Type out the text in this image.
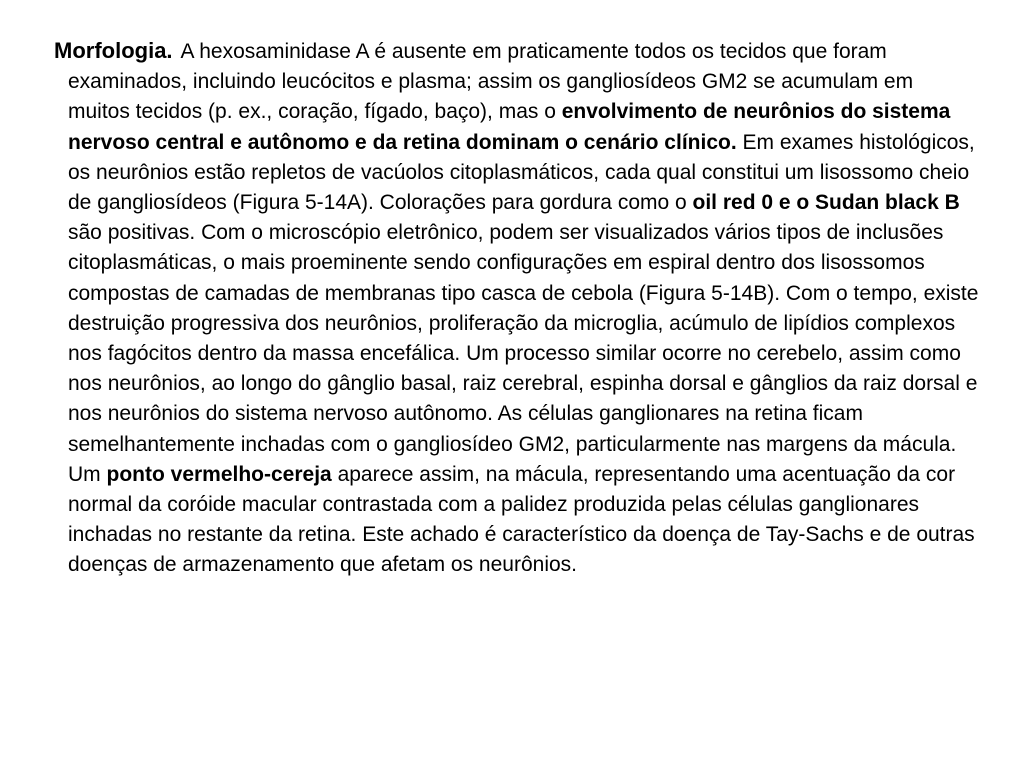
Morfologia. A hexosaminidase A é ausente em praticamente todos os tecidos que foram examinados, incluindo leucócitos e plasma; assim os gangliosídeos GM2 se acumulam em muitos tecidos (p. ex., coração, fígado, baço), mas o envolvimento de neurônios do sistema nervoso central e autônomo e da retina dominam o cenário clínico. Em exames histológicos, os neurônios estão repletos de vacúolos citoplasmáticos, cada qual constitui um lisossomo cheio de gangliosídeos (Figura 5-14A). Colorações para gordura como o oil red 0 e o Sudan black B são positivas. Com o microscópio eletrônico, podem ser visualizados vários tipos de inclusões citoplasmáticas, o mais proeminente sendo configurações em espiral dentro dos lisossomos compostas de camadas de membranas tipo casca de cebola (Figura 5-14B). Com o tempo, existe destruição progressiva dos neurônios, proliferação da microglia, acúmulo de lipídios complexos nos fagócitos dentro da massa encefálica. Um processo similar ocorre no cerebelo, assim como nos neurônios, ao longo do gânglio basal, raiz cerebral, espinha dorsal e gânglios da raiz dorsal e nos neurônios do sistema nervoso autônomo. As células ganglionares na retina ficam semelhantemente inchadas com o gangliosídeo GM2, particularmente nas margens da mácula. Um ponto vermelho-cereja aparece assim, na mácula, representando uma acentuação da cor normal da coróide macular contrastada com a palidez produzida pelas células ganglionares inchadas no restante da retina. Este achado é característico da doença de Tay-Sachs e de outras doenças de armazenamento que afetam os neurônios.
